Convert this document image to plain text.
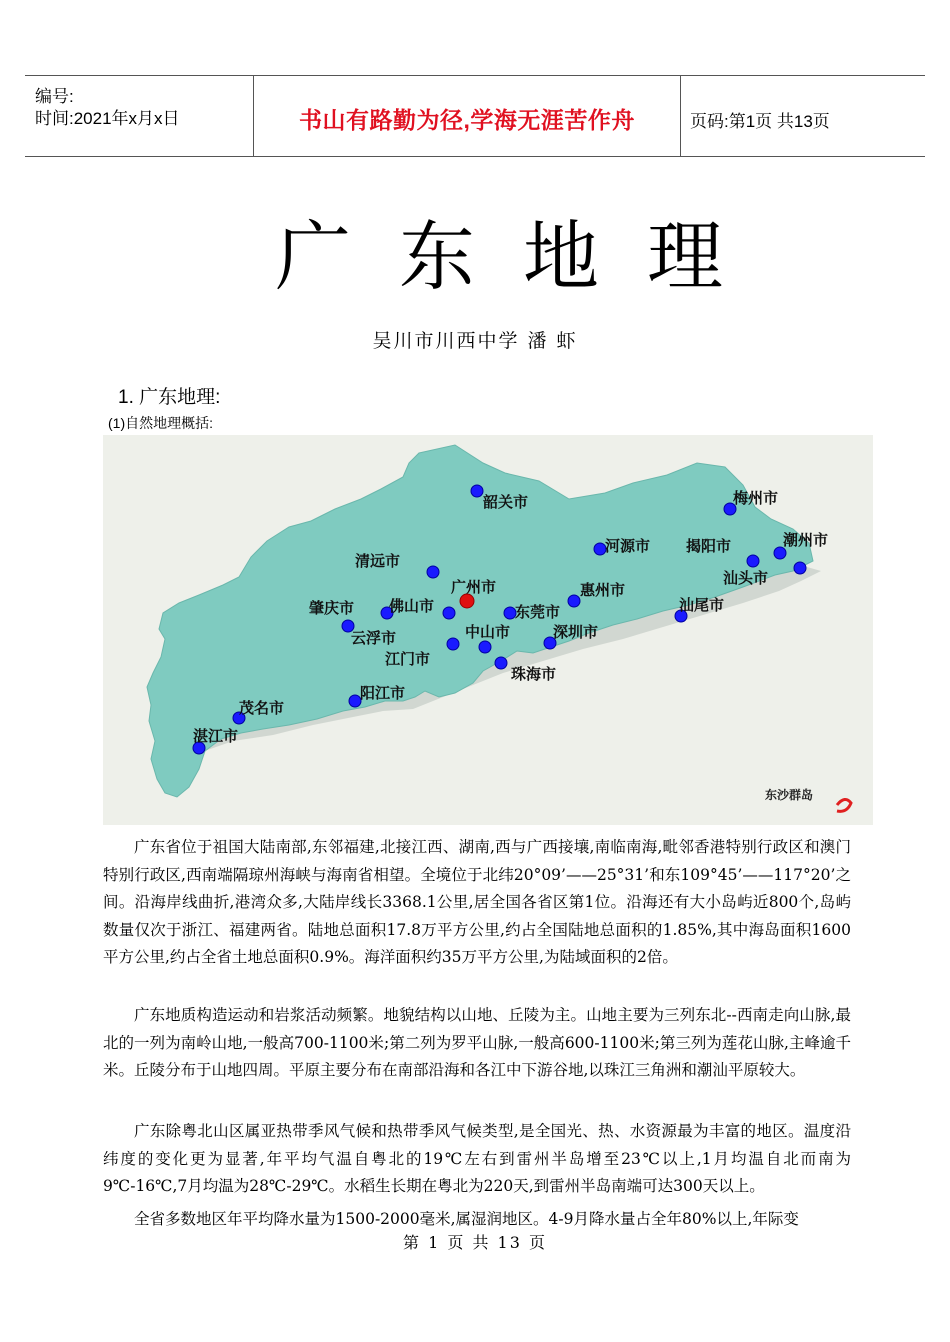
编号:
时间:2021年x月x日	书山有路勤为径,学海无涯苦作舟	页码:第1页 共13页
广东地理
吴川市川西中学 潘 虾
1. 广东地理:
(1)自然地理概括:
韶关市	梅州市
河源市 揭阳市	潮州市
清远市
广州市	汕头市
惠州市
肇庆市 佛山市	东莞市	汕尾市
云浮市	中山市	深圳市
江门市
珠海市
阳江市
茂名市
湛江市
东沙群岛

广东省位于祖国大陆南部,东邻福建,北接江西、湖南,西与广西接壤,南临南海,毗邻香港特别行政区和澳门特别行政区,西南端隔琼州海峡与海南省相望。全境位于北纬20°09’——25°31’和东109°45’——117°20’之间。沿海岸线曲折,港湾众多,大陆岸线长3368.1公里,居全国各省区第1位。沿海还有大小岛屿近800个,岛屿数量仅次于浙江、福建两省。陆地总面积17.8万平方公里,约占全国陆地总面积的1.85%,其中海岛面积1600平方公里,约占全省土地总面积0.9%。海洋面积约35万平方公里,为陆域面积的2倍。

广东地质构造运动和岩浆活动频繁。地貌结构以山地、丘陵为主。山地主要为三列东北--西南走向山脉,最北的一列为南岭山地,一般高700-1100米;第二列为罗平山脉,一般高600-1100米;第三列为莲花山脉,主峰逾千米。丘陵分布于山地四周。平原主要分布在南部沿海和各江中下游谷地,以珠江三角洲和潮汕平原较大。

广东除粤北山区属亚热带季风气候和热带季风气候类型,是全国光、热、水资源最为丰富的地区。温度沿纬度的变化更为显著,年平均气温自粤北的19℃左右到雷州半岛增至23℃以上,1月均温自北而南为9℃-16℃,7月均温为28℃-29℃。水稻生长期在粤北为220天,到雷州半岛南端可达300天以上。

全省多数地区年平均降水量为1500-2000毫米,属湿润地区。4-9月降水量占全年80%以上,年际变

第 1 页 共 13 页
